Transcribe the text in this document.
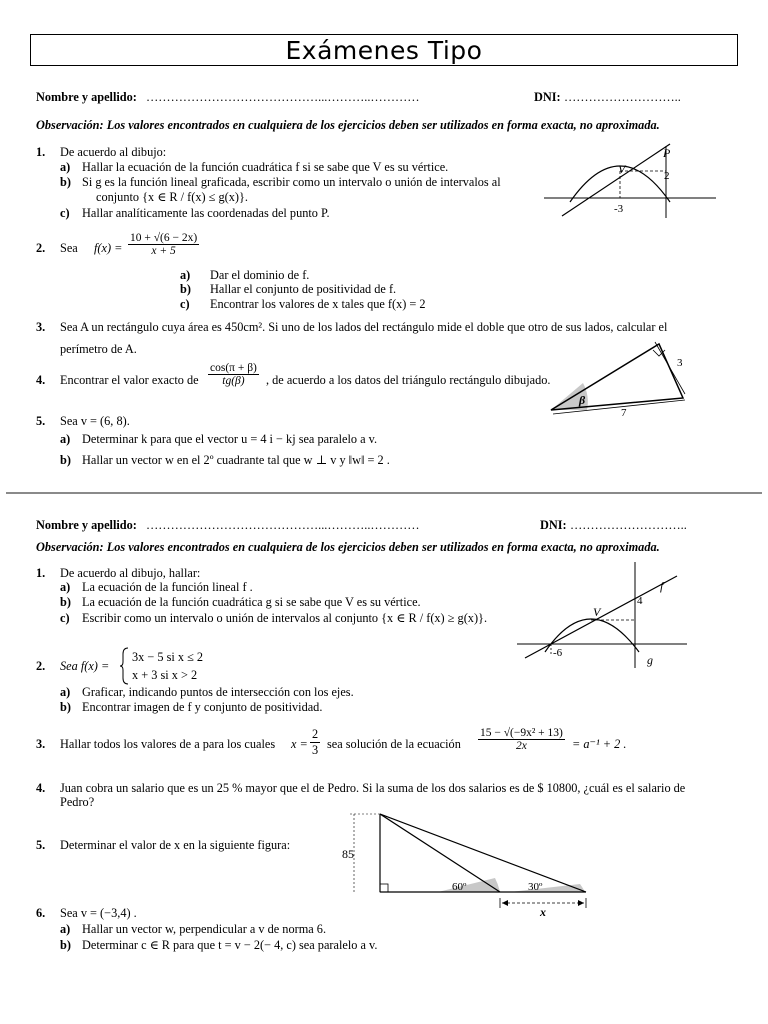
Exámenes Tipo
Nombre y apellido: ……………………………………...………..…………	DNI: ………………………..
Observación: Los valores encontrados en cualquiera de los ejercicios deben ser utilizados en forma exacta, no aproximada.
1. De acuerdo al dibujo:
a) Hallar la ecuación de la función cuadrática f si se sabe que V es su vértice.
b) Si g es la función lineal graficada, escribir como un intervalo o unión de intervalos al
conjunto {x ∈ R / f(x) ≤ g(x)}.
c) Hallar analíticamente las coordenadas del punto P.
V
P
2
-3
2. Sea $f(x) = \frac{10 + √(6 - 2x)}{x + 5}$
a) Dar el dominio de f.
b) Hallar el conjunto de positividad de f.
c) Encontrar los valores de x tales que f(x) = 2
3. Sea A un rectángulo cuya área es 450cm². Si uno de los lados del rectángulo mide el doble que otro de sus lados, calcular el
perímetro de A.
4. Encontrar el valor exacto de $\frac{\cos(\pi + \beta)}{tg(\beta)}$ , de acuerdo a los datos del triángulo rectángulo dibujado.
3
7
β
5. Sea v = (6, 8).
a) Determinar k para que el vector u = 4 i − kj sea paralelo a v.
b) Hallar un vector w en el 2º cuadrante tal que w ⊥ v y ‖w‖ = 2 .
Nombre y apellido: ……………………………………...………..…………	DNI: ………………………..
Observación: Los valores encontrados en cualquiera de los ejercicios deben ser utilizados en forma exacta, no aproximada.
1. De acuerdo al dibujo, hallar:
a) La ecuación de la función lineal f .
b) La ecuación de la función cuadrática g si se sabe que V es su vértice.
c) Escribir como un intervalo o unión de intervalos al conjunto {x ∈ R / f(x) ≥ g(x)}.
f
g
V
4
-6
2. Sea f(x) =
3x − 5 si x ≤ 2
x + 3 si x > 2
a) Graficar, indicando puntos de intersección con los ejes.
b) Encontrar imagen de f y conjunto de positividad.
3. Hallar todos los valores de a para los cuales $x = \frac{2}{3}$ sea solución de la ecuación $\frac{\text{15 − √(−9x² + 13)}}{2x} = a^{-1} + 2$ .
4. Juan cobra un salario que es un 25 % mayor que el de Pedro. Si la suma de los dos salarios es de $ 10800, ¿cuál es el salario de
Pedro?
5. Determinar el valor de x en la siguiente figura:
85
60º	30º
x
6. Sea v = (−3,4) .
a) Hallar un vector w, perpendicular a v de norma 6.
b) Determinar c ∈ R para que t = v − 2(− 4, c) sea paralelo a v.
